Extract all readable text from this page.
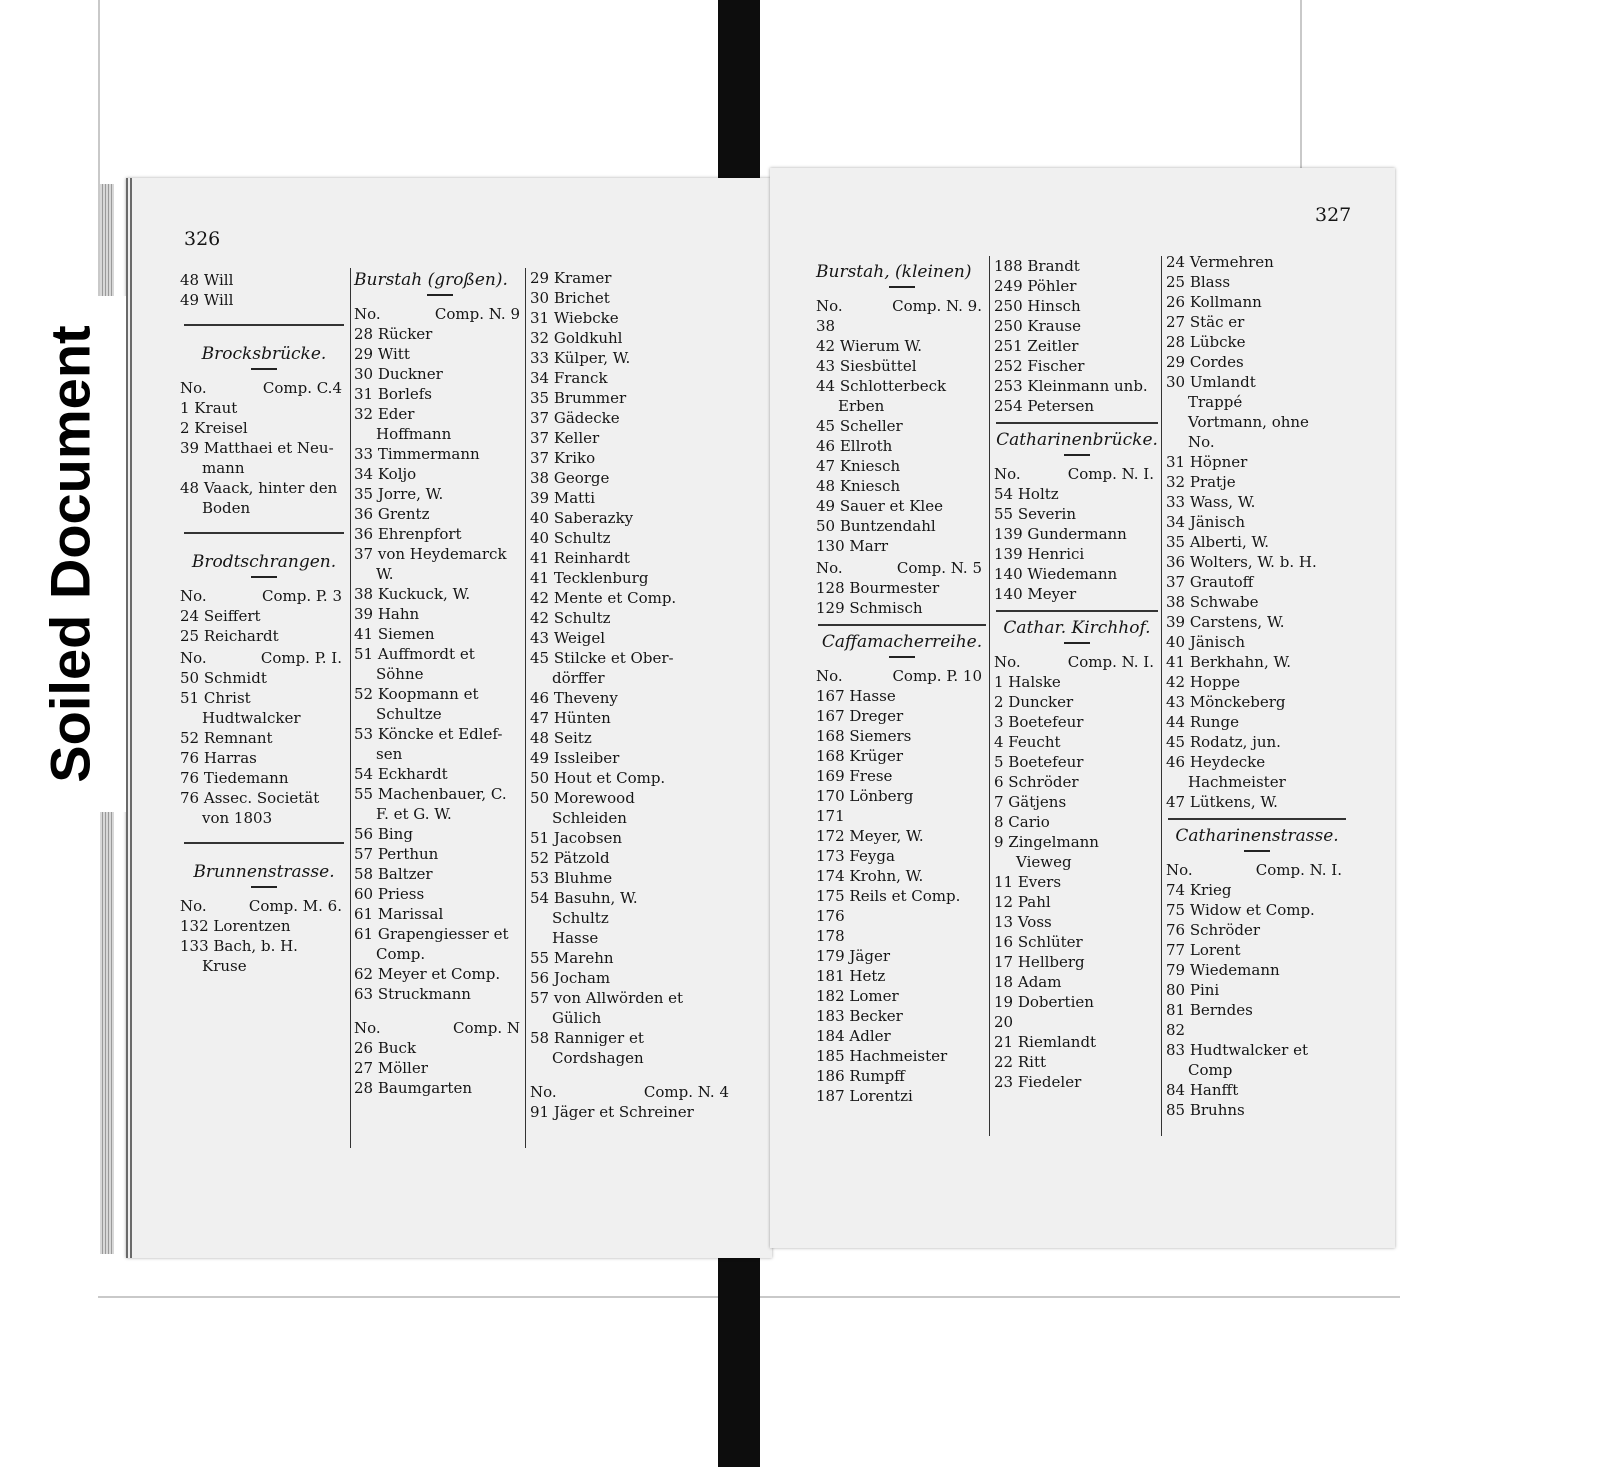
326
48 Will
49 Will
Brocksbrücke.
No.	Comp. C.4
1 Kraut
2 Kreisel
39 Matthaei et Neu-
mann
48 Vaack, hinter den
Boden
Brodtschrangen.
No.	Comp. P. 3
24 Seiffert
25 Reichardt
No.	Comp. P. I.
50 Schmidt
51 Christ
Hudtwalcker
52 Remnant
76 Harras
76 Tiedemann
76 Assec. Societät
von 1803
Brunnenstrasse.
No.	Comp. M. 6.
132 Lorentzen
133 Bach, b. H.
Kruse
Burstah (großen).
No.	Comp. N. 9
28 Rücker
29 Witt
30 Duckner
31 Borlefs
32 Eder
Hoffmann
33 Timmermann
34 Koljo
35 Jorre, W.
36 Grentz
36 Ehrenpfort
37 von Heydemarck
W.
38 Kuckuck, W.
39 Hahn
41 Siemen
51 Auffmordt et
Söhne
52 Koopmann et
Schultze
53 Köncke et Edlef-
sen
54 Eckhardt
55 Machenbauer, C.
F. et G. W.
56 Bing
57 Perthun
58 Baltzer
60 Priess
61 Marissal
61 Grapengiesser et
Comp.
62 Meyer et Comp.
63 Struckmann
No.	Comp. N
26 Buck
27 Möller
28 Baumgarten
29 Kramer
30 Brichet
31 Wiebcke
32 Goldkuhl
33 Külper, W.
34 Franck
35 Brummer
37 Gädecke
37 Keller
37 Kriko
38 George
39 Matti
40 Saberazky
40 Schultz
41 Reinhardt
41 Tecklenburg
42 Mente et Comp.
42 Schultz
43 Weigel
45 Stilcke et Ober-
dörffer
46 Theveny
47 Hünten
48 Seitz
49 Issleiber
50 Hout et Comp.
50 Morewood
Schleiden
51 Jacobsen
52 Pätzold
53 Bluhme
54 Basuhn, W.
Schultz
Hasse
55 Marehn
56 Jocham
57 von Allwörden et
Gülich
58 Ranniger et
Cordshagen
No.	Comp. N. 4
91 Jäger et Schreiner
327
Burstah, (kleinen)
No.	Comp. N. 9.
38
42 Wierum W.
43 Siesbüttel
44 Schlotterbeck
Erben
45 Scheller
46 Ellroth
47 Kniesch
48 Kniesch
49 Sauer et Klee
50 Buntzendahl
130 Marr
No.	Comp. N. 5
128 Bourmester
129 Schmisch
Caffamacherreihe.
No.	Comp. P. 10
167 Hasse
167 Dreger
168 Siemers
168 Krüger
169 Frese
170 Lönberg
171
172 Meyer, W.
173 Feyga
174 Krohn, W.
175 Reils et Comp.
176
178
179 Jäger
181 Hetz
182 Lomer
183 Becker
184 Adler
185 Hachmeister
186 Rumpff
187 Lorentzi
188 Brandt
249 Pöhler
250 Hinsch
250 Krause
251 Zeitler
252 Fischer
253 Kleinmann unb.
254 Petersen
Catharinenbrücke.
No.	Comp. N. I.
54 Holtz
55 Severin
139 Gundermann
139 Henrici
140 Wiedemann
140 Meyer
Cathar. Kirchhof.
No.	Comp. N. I.
1 Halske
2 Duncker
3 Boetefeur
4 Feucht
5 Boetefeur
6 Schröder
7 Gätjens
8 Cario
9 Zingelmann
Vieweg
11 Evers
12 Pahl
13 Voss
16 Schlüter
17 Hellberg
18 Adam
19 Dobertien
20
21 Riemlandt
22 Ritt
23 Fiedeler
24 Vermehren
25 Blass
26 Kollmann
27 Stäc er
28 Lübcke
29 Cordes
30 Umlandt
Trappé
Vortmann, ohne
No.
31 Höpner
32 Pratje
33 Wass, W.
34 Jänisch
35 Alberti, W.
36 Wolters, W. b. H.
37 Grautoff
38 Schwabe
39 Carstens, W.
40 Jänisch
41 Berkhahn, W.
42 Hoppe
43 Mönckeberg
44 Runge
45 Rodatz, jun.
46 Heydecke
Hachmeister
47 Lütkens, W.
Catharinenstrasse.
No.	Comp. N. I.
74 Krieg
75 Widow et Comp.
76 Schröder
77 Lorent
79 Wiedemann
80 Pini
81 Berndes
82
83 Hudtwalcker et
Comp
84 Hanfft
85 Bruhns
Soiled Document
